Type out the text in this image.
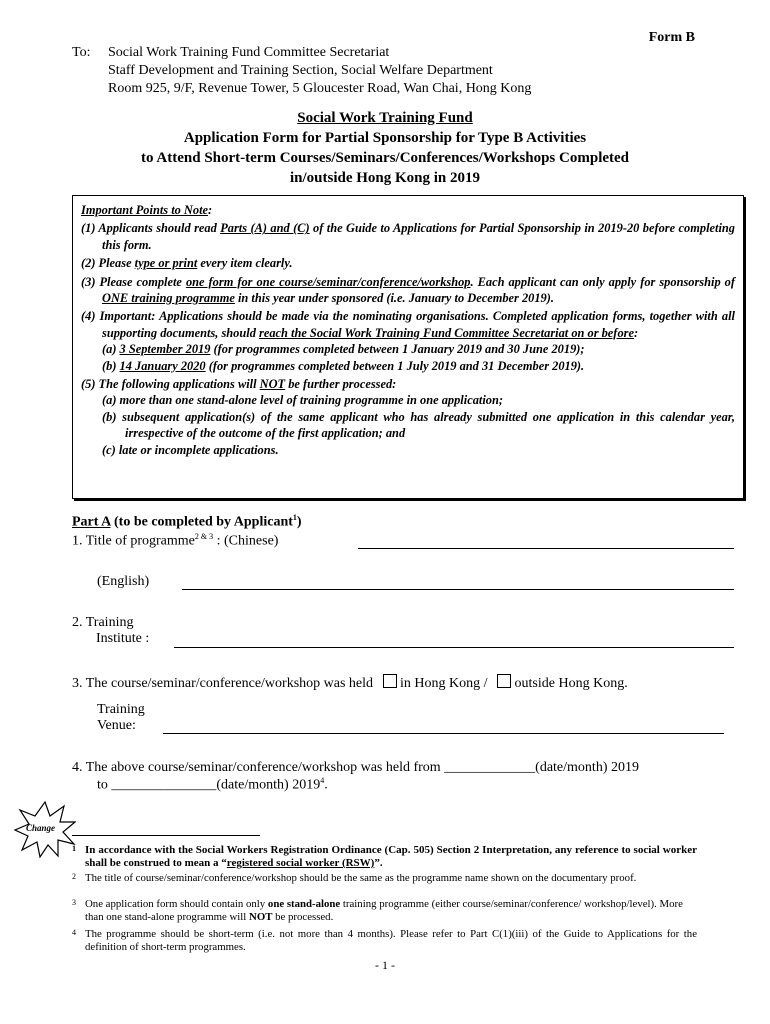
Form B
To: Social Work Training Fund Committee Secretariat
Staff Development and Training Section, Social Welfare Department
Room 925, 9/F, Revenue Tower, 5 Gloucester Road, Wan Chai, Hong Kong
Social Work Training Fund
Application Form for Partial Sponsorship for Type B Activities
to Attend Short-term Courses/Seminars/Conferences/Workshops Completed
in/outside Hong Kong in 2019

Important Points to Note:

(1) Applicants should read Parts (A) and (C) of the Guide to Applications for Partial Sponsorship in 2019-20 before completing this form.

(2) Please type or print every item clearly.

(3) Please complete one form for one course/seminar/conference/workshop. Each applicant can only apply for sponsorship of ONE training programme in this year under sponsored (i.e. January to December 2019).

(4) Important: Applications should be made via the nominating organisations. Completed application forms, together with all supporting documents, should reach the Social Work Training Fund Committee Secretariat on or before:

(a) 3 September 2019 (for programmes completed between 1 January 2019 and 30 June 2019);

(b) 14 January 2020 (for programmes completed between 1 July 2019 and 31 December 2019).

(5) The following applications will NOT be further processed:

(a) more than one stand-alone level of training programme in one application;

(b) subsequent application(s) of the same applicant who has already submitted one application in this calendar year, irrespective of the outcome of the first application; and

(c) late or incomplete applications.

Part A (to be completed by Applicant$^1$)
1. Title of programme$^{2 \& 3}$ : (Chinese)
(English)
2. Training
Institute :
3. The course/seminar/conference/workshop was held  in Hong Kong /  outside Hong Kong.
Training
Venue:
4. The above course/seminar/conference/workshop was held from _____________(date/month) 2019
to _______________(date/month) 2019$^4$.
Change
1 In accordance with the Social Workers Registration Ordinance (Cap. 505) Section 2 Interpretation, any reference to social worker shall be construed to mean a “registered social worker (RSW)”.
2 The title of course/seminar/conference/workshop should be the same as the programme name shown on the documentary proof.
3 One application form should contain only one stand-alone training programme (either course/seminar/conference/ workshop/level). More than one stand-alone programme will NOT be processed.
4 The programme should be short-term (i.e. not more than 4 months). Please refer to Part C(1)(iii) of the Guide to Applications for the definition of short-term programmes.
- 1 -
